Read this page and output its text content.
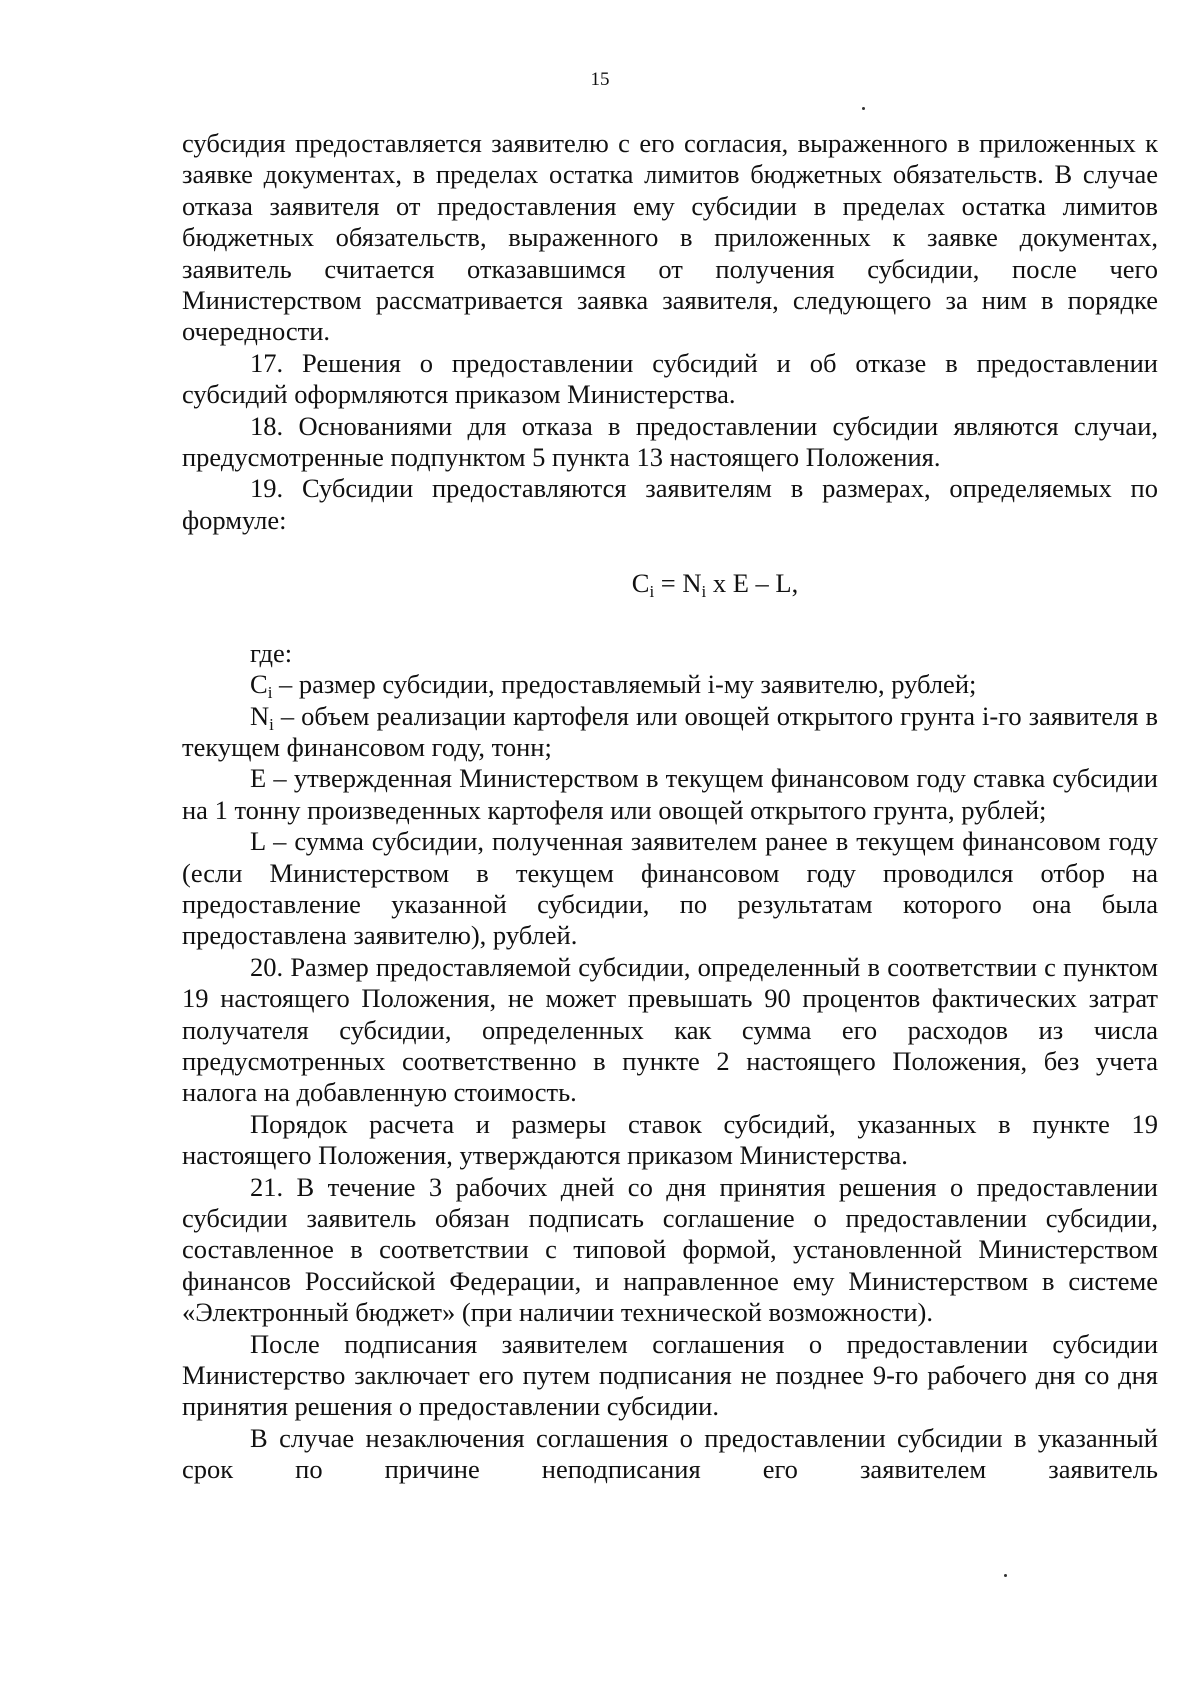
15

субсидия предоставляется заявителю с его согласия, выраженного в приложенных к заявке документах, в пределах остатка лимитов бюджетных обязательств. В случае отказа заявителя от предоставления ему субсидии в пределах остатка лимитов бюджетных обязательств, выраженного в приложенных к заявке документах, заявитель считается отказавшимся от получения субсидии, после чего Министерством рассматривается заявка заявителя, следующего за ним в порядке очередности.

17. Решения о предоставлении субсидий и об отказе в предоставлении субсидий оформляются приказом Министерства.

18. Основаниями для отказа в предоставлении субсидии являются случаи, предусмотренные подпунктом 5 пункта 13 настоящего Положения.

19. Субсидии предоставляются заявителям в размерах, определяемых по формуле:

$C_i = N_i$ x E – L,

где:

$C_i$ – размер субсидии, предоставляемый i-му заявителю, рублей;

$N_i$ – объем реализации картофеля или овощей открытого грунта i-го заявителя в текущем финансовом году, тонн;

E – утвержденная Министерством в текущем финансовом году ставка субсидии на 1 тонну произведенных картофеля или овощей открытого грунта, рублей;

L – сумма субсидии, полученная заявителем ранее в текущем финансовом году (если Министерством в текущем финансовом году проводился отбор на предоставление указанной субсидии, по результатам которого она была предоставлена заявителю), рублей.

20. Размер предоставляемой субсидии, определенный в соответствии с пунктом 19 настоящего Положения, не может превышать 90 процентов фактических затрат получателя субсидии, определенных как сумма его расходов из числа предусмотренных соответственно в пункте 2 настоящего Положения, без учета налога на добавленную стоимость.

Порядок расчета и размеры ставок субсидий, указанных в пункте 19 настоящего Положения, утверждаются приказом Министерства.

21. В течение 3 рабочих дней со дня принятия решения о предоставлении субсидии заявитель обязан подписать соглашение о предоставлении субсидии, составленное в соответствии с типовой формой, установленной Министерством финансов Российской Федерации, и направленное ему Министерством в системе «Электронный бюджет» (при наличии технической возможности).

После подписания заявителем соглашения о предоставлении субсидии Министерство заключает его путем подписания не позднее 9-го рабочего дня со дня принятия решения о предоставлении субсидии.

В случае незаключения соглашения о предоставлении субсидии в указанный срок по причине неподписания его заявителем заявитель
